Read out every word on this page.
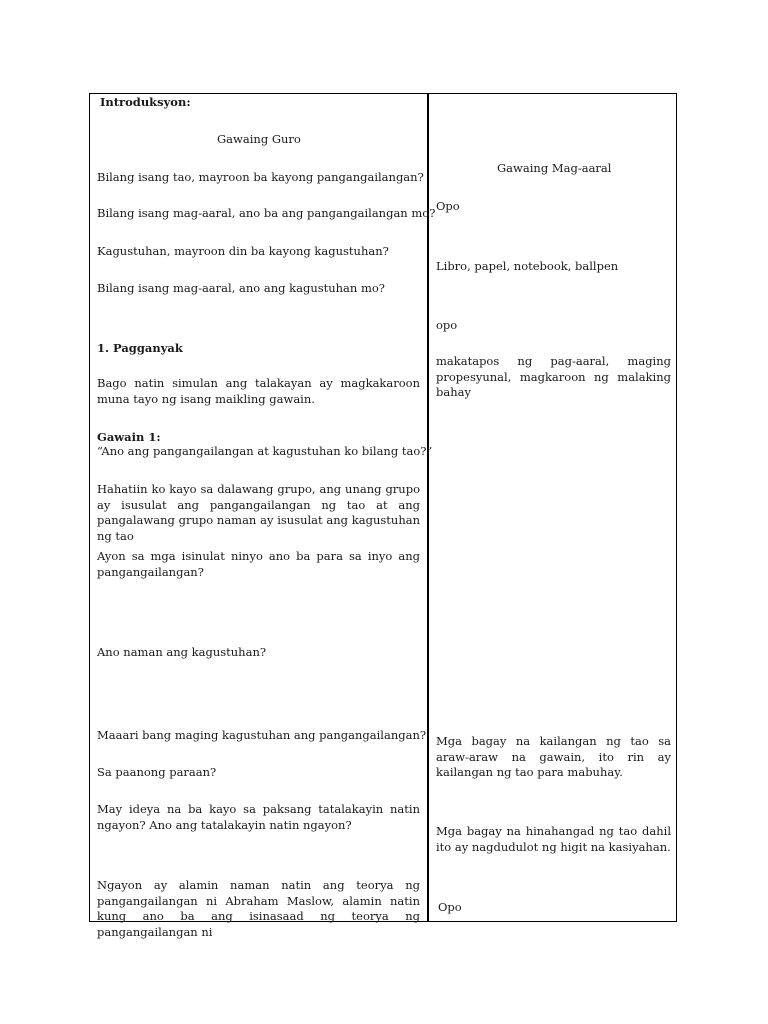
Introduksyon:
Gawaing Guro
Bilang isang tao, mayroon ba kayong pangangailangan?
Bilang isang mag-aaral, ano ba ang pangangailangan mo?
Kagustuhan, mayroon din ba kayong kagustuhan?
Bilang isang mag-aaral, ano ang kagustuhan mo?
1. Pagganyak
Bago natin simulan ang talakayan ay magkakaroon muna tayo ng isang maikling gawain.
Gawain 1:
“Ano ang pangangailangan at kagustuhan ko bilang tao?”
Hahatiin ko kayo sa dalawang grupo, ang unang grupo ay isusulat ang pangangailangan ng tao at ang pangalawang grupo naman ay isusulat ang kagustuhan ng tao
Ayon sa mga isinulat ninyo ano ba para sa inyo ang pangangailangan?
Ano naman ang kagustuhan?
Maaari bang maging kagustuhan ang pangangailangan?
Sa paanong paraan?
May ideya na ba kayo sa paksang tatalakayin natin ngayon? Ano ang tatalakayin natin ngayon?
Ngayon ay alamin naman natin ang teorya ng pangangailangan ni Abraham Maslow, alamin natin kung ano ba ang isinasaad ng teorya ng pangangailangan ni
Gawaing Mag-aaral
Opo
Libro, papel, notebook, ballpen
opo
makatapos ng pag-aaral, maging propesyunal, magkaroon ng malaking bahay
Mga bagay na kailangan ng tao sa araw-araw na gawain, ito rin ay kailangan ng tao para mabuhay.
Mga bagay na hinahangad ng tao dahil ito ay nagdudulot ng higit na kasiyahan.
Opo
